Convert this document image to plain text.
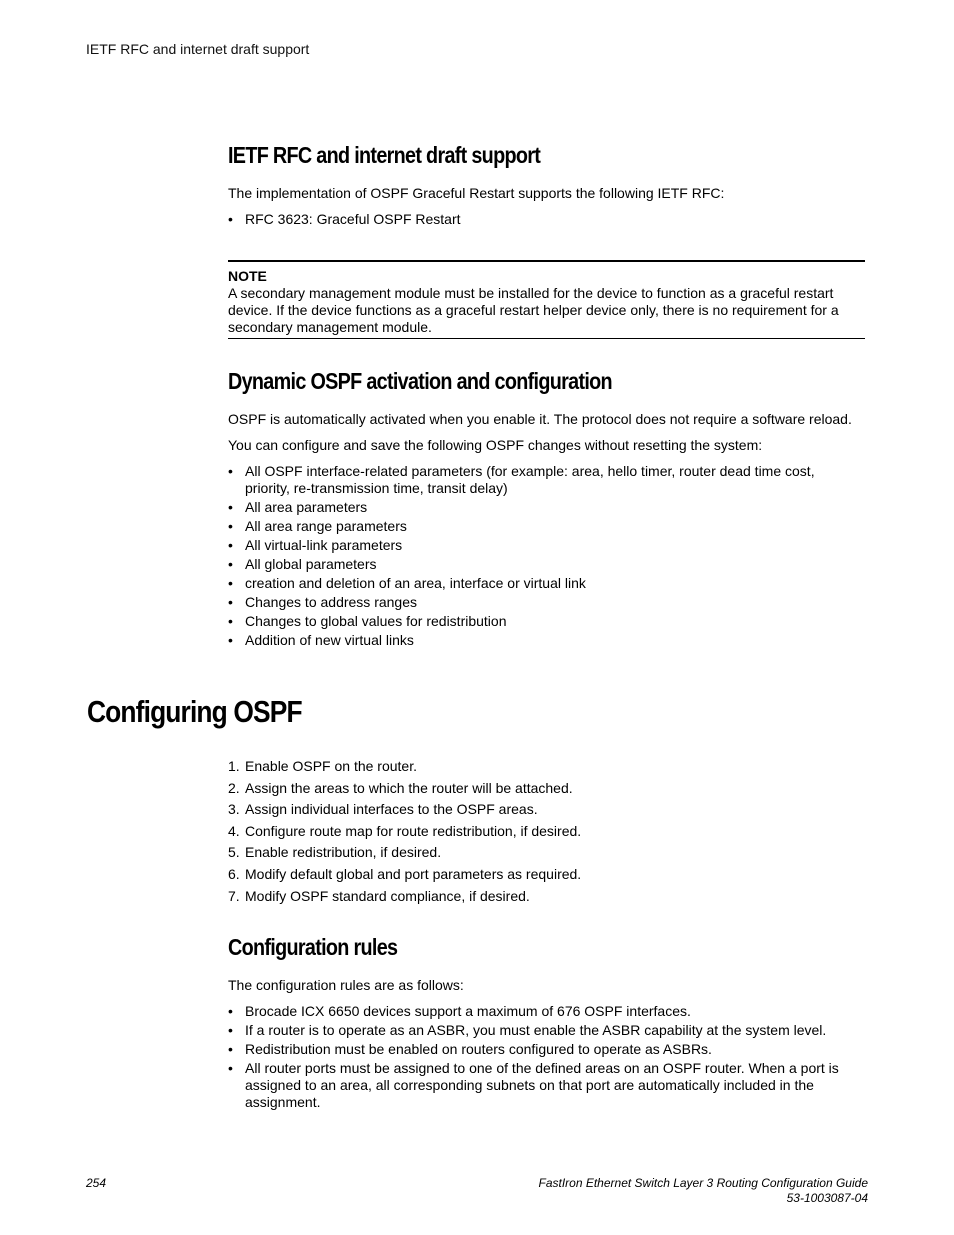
IETF RFC and internet draft support
IETF RFC and internet draft support

The implementation of OSPF Graceful Restart supports the following IETF RFC:

• RFC 3623: Graceful OSPF Restart
NOTE
A secondary management module must be installed for the device to function as a graceful restart device. If the device functions as a graceful restart helper device only, there is no requirement for a secondary management module.
Dynamic OSPF activation and configuration

OSPF is automatically activated when you enable it. The protocol does not require a software reload.

You can configure and save the following OSPF changes without resetting the system:

• All OSPF interface-related parameters (for example: area, hello timer, router dead time cost, priority, re-transmission time, transit delay)
• All area parameters
• All area range parameters
• All virtual-link parameters
• All global parameters
• creation and deletion of an area, interface or virtual link
• Changes to address ranges
• Changes to global values for redistribution
• Addition of new virtual links
Configuring OSPF
1. Enable OSPF on the router.
2. Assign the areas to which the router will be attached.
3. Assign individual interfaces to the OSPF areas.
4. Configure route map for route redistribution, if desired.
5. Enable redistribution, if desired.
6. Modify default global and port parameters as required.
7. Modify OSPF standard compliance, if desired.
Configuration rules

The configuration rules are as follows:

• Brocade ICX 6650 devices support a maximum of 676 OSPF interfaces.
• If a router is to operate as an ASBR, you must enable the ASBR capability at the system level.
• Redistribution must be enabled on routers configured to operate as ASBRs.
• All router ports must be assigned to one of the defined areas on an OSPF router. When a port is assigned to an area, all corresponding subnets on that port are automatically included in the assignment.
254	FastIron Ethernet Switch Layer 3 Routing Configuration Guide
53-1003087-04
